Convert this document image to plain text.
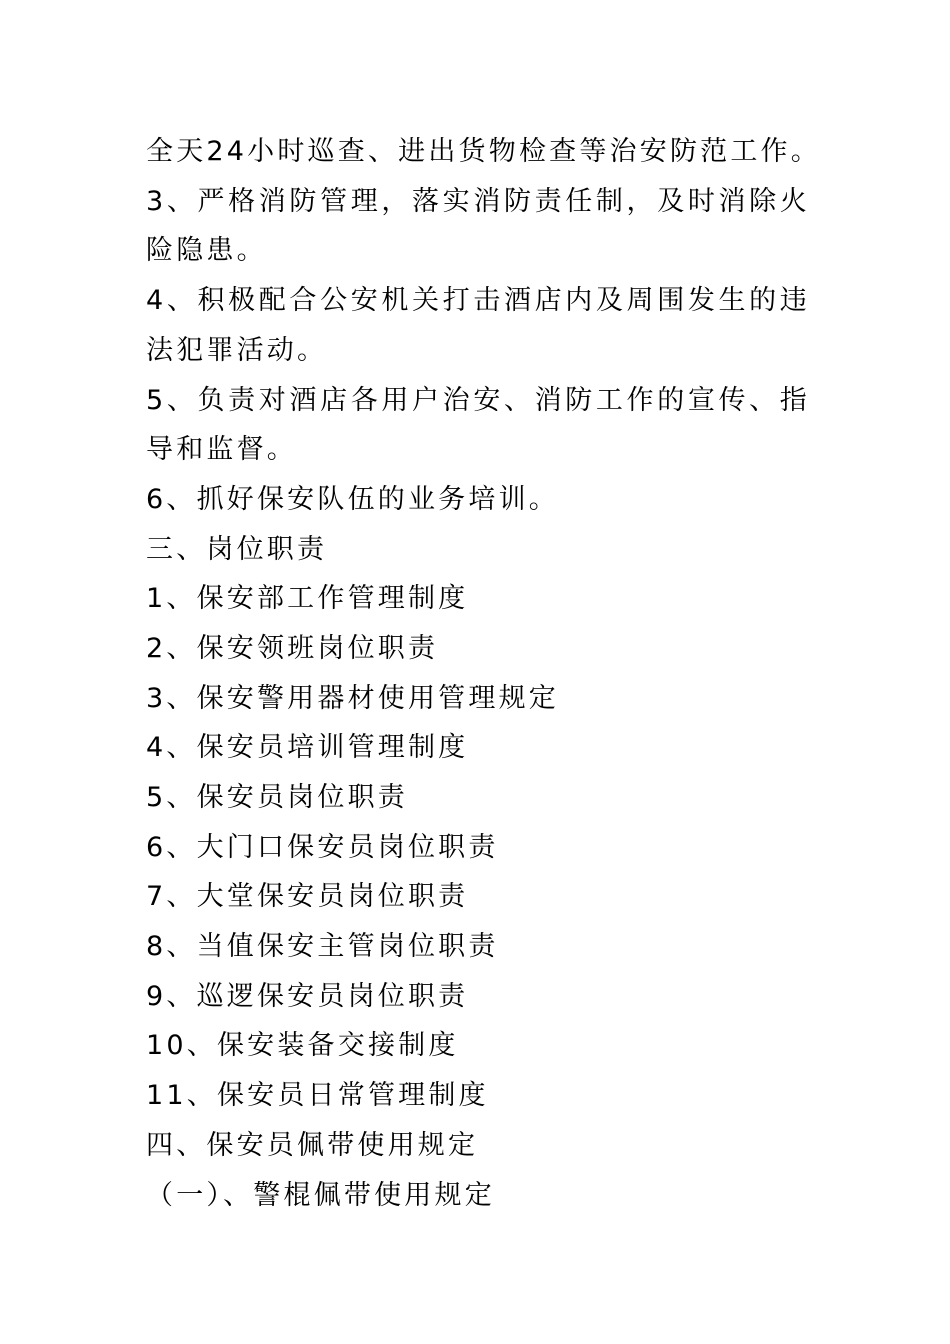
全天24小时巡查、进出货物检查等治安防范工作。
3、严格消防管理，落实消防责任制，及时消除火险隐患。
4、积极配合公安机关打击酒店内及周围发生的违法犯罪活动。
5、负责对酒店各用户治安、消防工作的宣传、指导和监督。
6、抓好保安队伍的业务培训。
三、岗位职责
1、保安部工作管理制度
2、保安领班岗位职责
3、保安警用器材使用管理规定
4、保安员培训管理制度
5、保安员岗位职责
6、大门口保安员岗位职责
7、大堂保安员岗位职责
8、当值保安主管岗位职责
9、巡逻保安员岗位职责
10、保安装备交接制度
11、保安员日常管理制度
四、保安员佩带使用规定
（一）、警棍佩带使用规定
